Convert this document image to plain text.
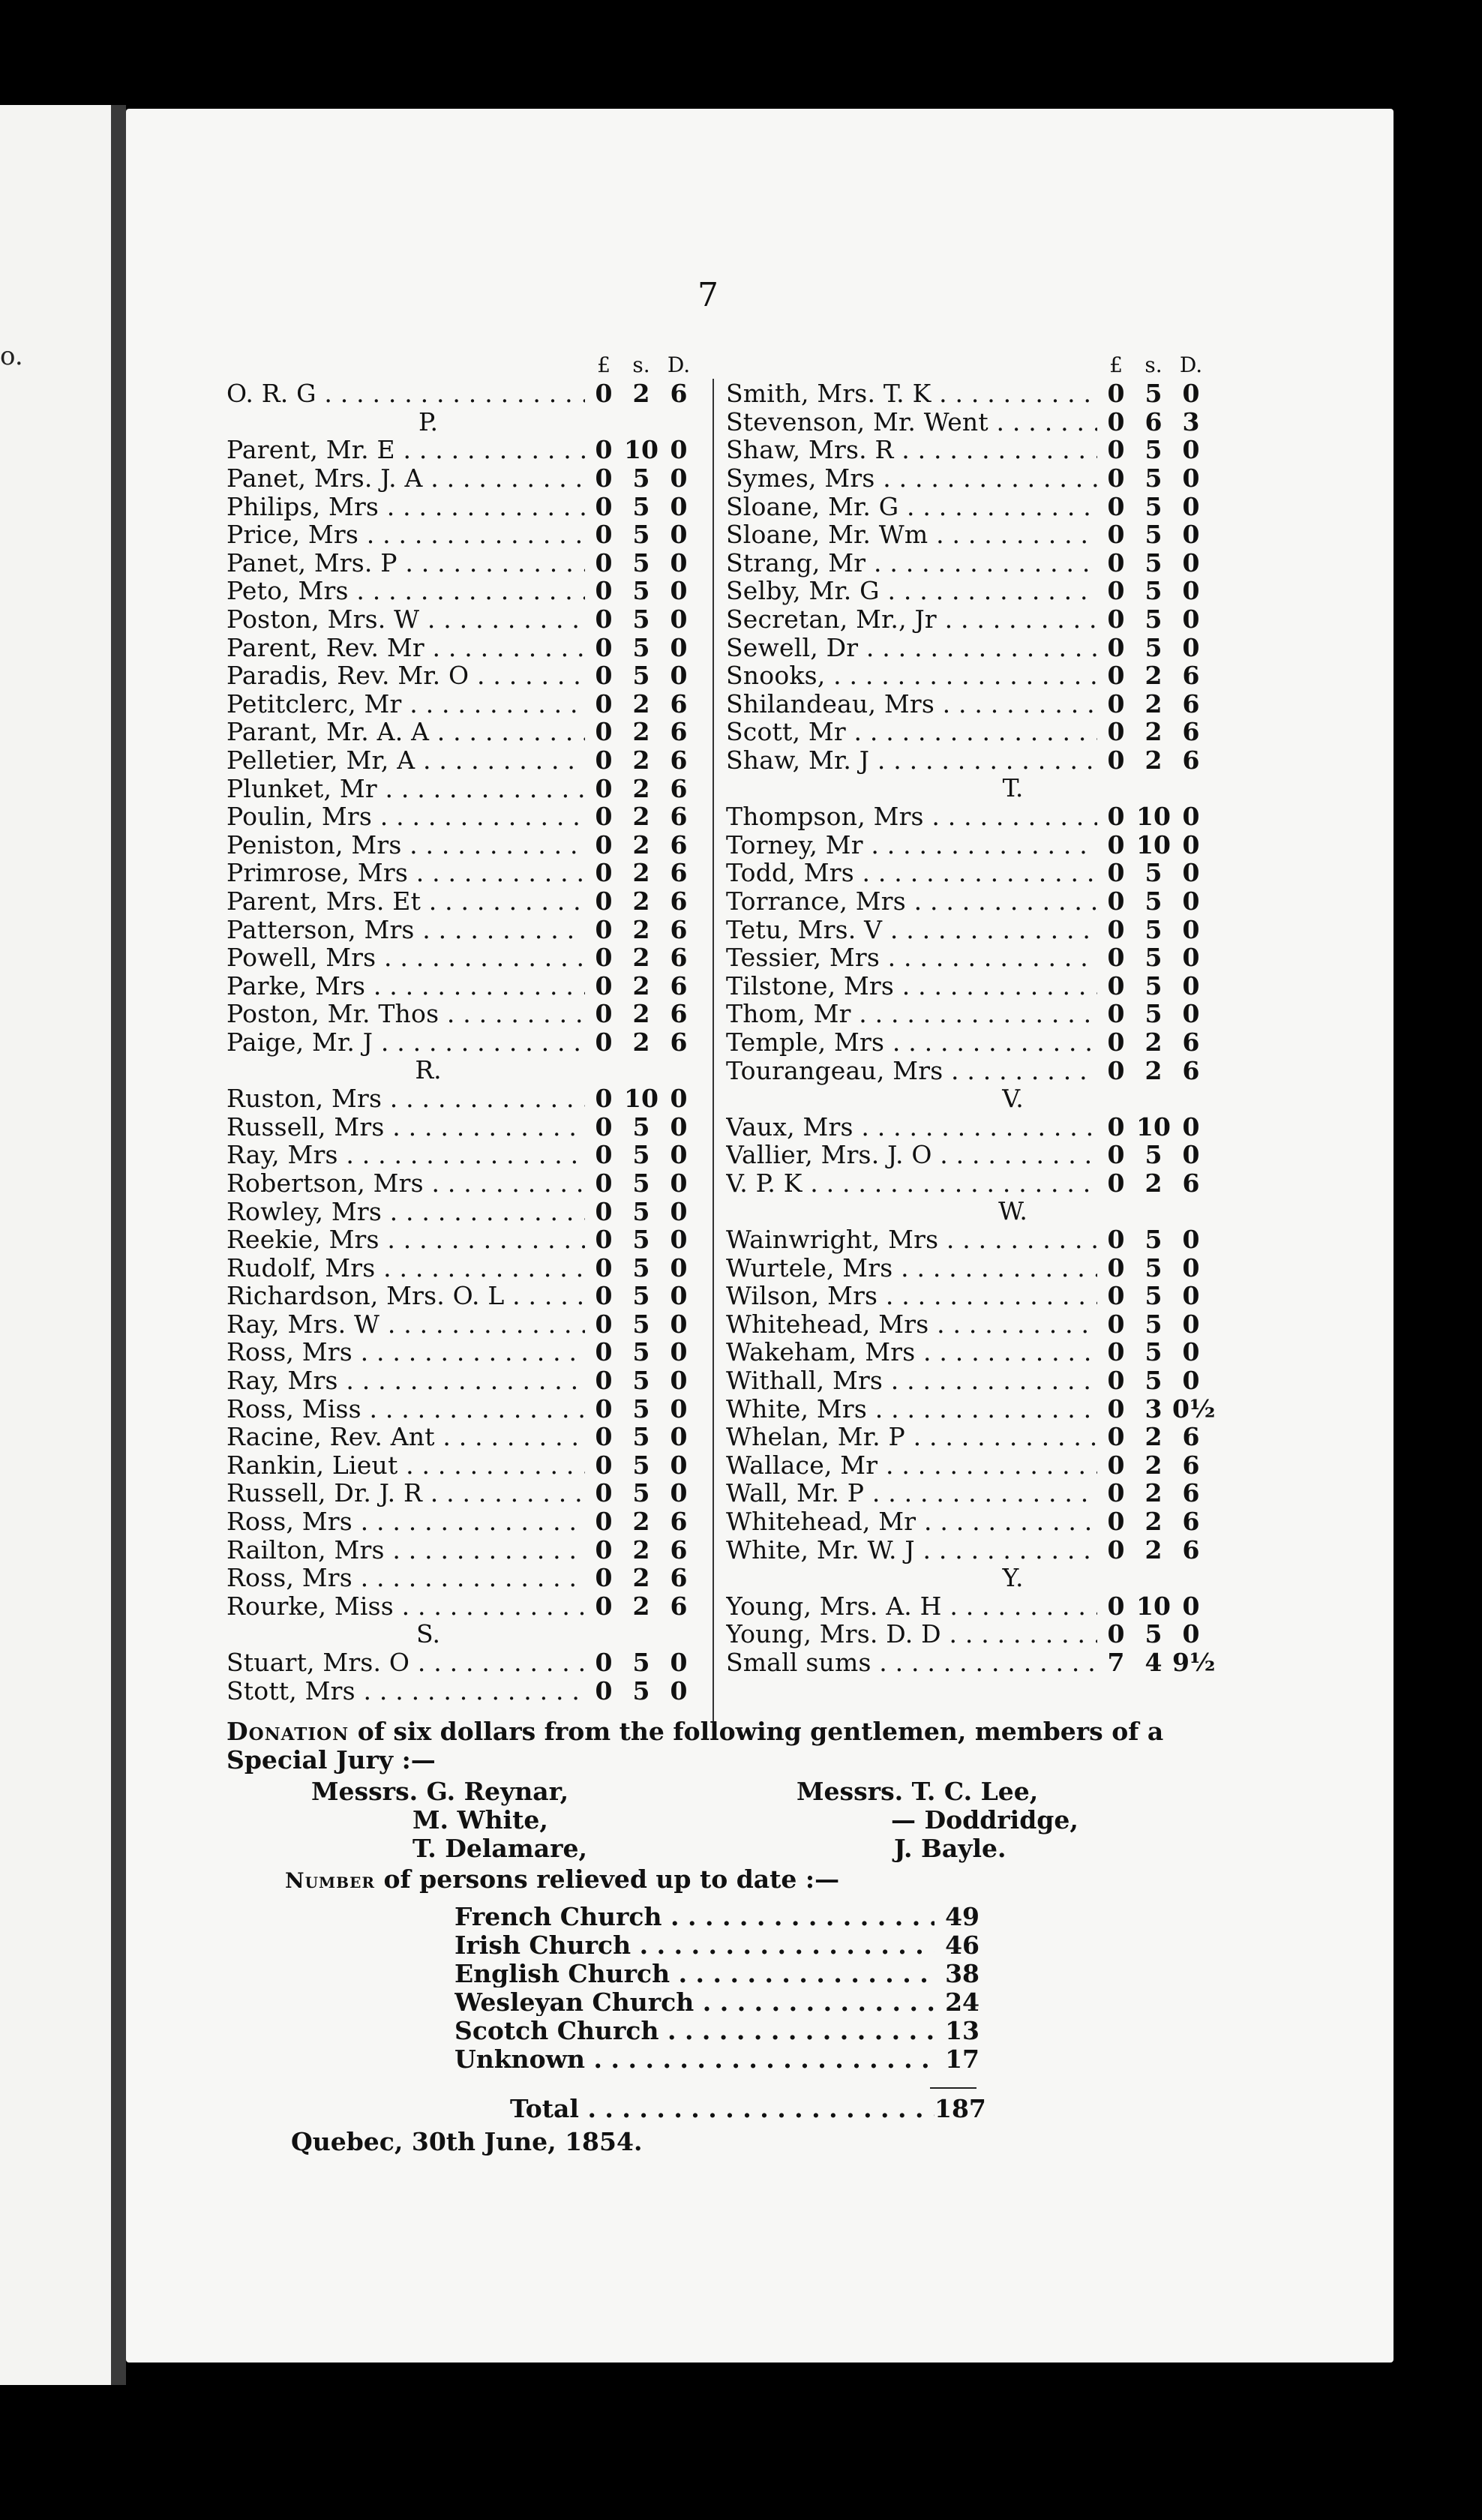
o.
7
£	s. D.
O. R. G . . .	0 2 6
P.
Parent, Mr. E . . .	0 10 0
Panet, Mrs. J. A . . .	0 5 0
Philips, Mrs . . .	0 5 0
Price, Mrs . . .	0 5 0
Panet, Mrs. P . . .	0 5 0
Peto, Mrs . . .	0 5 0
Poston, Mrs. W . . .	0 5 0
Parent, Rev. Mr . . .	0 5 0
Paradis, Rev. Mr. O . . .	0 5 0
Petitclerc, Mr . . .	0 2 6
Parant, Mr. A. A . . .	0 2 6
Pelletier, Mr, A . . .	0 2 6
Plunket, Mr . . .	0 2 6
Poulin, Mrs . . .	0 2 6
Peniston, Mrs . . .	0 2 6
Primrose, Mrs . . .	0 2 6
Parent, Mrs. Et . . .	0 2 6
Patterson, Mrs . . .	0 2 6
Powell, Mrs . . .	0 2 6
Parke, Mrs . . .	0 2 6
Poston, Mr. Thos . . .	0 2 6
Paige, Mr. J . . .	0 2 6
R.
Ruston, Mrs . . .	0 10 0
Russell, Mrs . . .	0 5 0
Ray, Mrs . . .	0 5 0
Robertson, Mrs . . .	0 5 0
Rowley, Mrs . . .	0 5 0
Reekie, Mrs . . .	0 5 0
Rudolf, Mrs . . .	0 5 0
Richardson, Mrs. O. L . . .	0 5 0
Ray, Mrs. W . . .	0 5 0
Ross, Mrs . . .	0 5 0
Ray, Mrs . . .	0 5 0
Ross, Miss . . .	0 5 0
Racine, Rev. Ant . . .	0 5 0
Rankin, Lieut . . .	0 5 0
Russell, Dr. J. R . . .	0 5 0
Ross, Mrs . . .	0 2 6
Railton, Mrs . . .	0 2 6
Ross, Mrs . . .	0 2 6
Rourke, Miss . . .	0 2 6
S.
Stuart, Mrs. O . . .	0 5 0
Stott, Mrs . . .	0 5 0
£	s. D.
Smith, Mrs. T. K . . .	0 5 0
Stevenson, Mr. Went . . .	0 6 3
Shaw, Mrs. R . . .	0 5 0
Symes, Mrs . . .	0 5 0
Sloane, Mr. G . . .	0 5 0
Sloane, Mr. Wm . . .	0 5 0
Strang, Mr . . .	0 5 0
Selby, Mr. G . . .	0 5 0
Secretan, Mr., Jr . . .	0 5 0
Sewell, Dr . . .	0 5 0
Snooks, . . .	0 2 6
Shilandeau, Mrs . . .	0 2 6
Scott, Mr . . .	0 2 6
Shaw, Mr. J . . .	0 2 6
T.
Thompson, Mrs . . .	0 10 0
Torney, Mr . . .	0 10 0
Todd, Mrs . . .	0 5 0
Torrance, Mrs . . .	0 5 0
Tetu, Mrs. V . . .	0 5 0
Tessier, Mrs . . .	0 5 0
Tilstone, Mrs . . .	0 5 0
Thom, Mr . . .	0 5 0
Temple, Mrs . . .	0 2 6
Tourangeau, Mrs . . .	0 2 6
V.
Vaux, Mrs . . .	0 10 0
Vallier, Mrs. J. O . . .	0 5 0
V. P. K . . .	0 2 6
W.
Wainwright, Mrs . . .	0 5 0
Wurtele, Mrs . . .	0 5 0
Wilson, Mrs . . .	0 5 0
Whitehead, Mrs . . .	0 5 0
Wakeham, Mrs . . .	0 5 0
Withall, Mrs . . .	0 5 0
White, Mrs . . .	0 3 0½
Whelan, Mr. P . . .	0 2 6
Wallace, Mr . . .	0 2 6
Wall, Mr. P . . .	0 2 6
Whitehead, Mr . . .	0 2 6
White, Mr. W. J . . .	0 2 6
Y.
Young, Mrs. A. H . . .	0 10 0
Young, Mrs. D. D . . .	0 5 0
Small sums . . .	7 4 9½
Donation of six dollars from the following gentlemen, members of a Special Jury :—
Messrs. G. Reynar,
M. White,
T. Delamare,
Messrs. T. C. Lee,
— Doddridge,
J. Bayle.
Number of persons relieved up to date :—
French Church . . .	49
Irish Church . . .	46
English Church . . .	38
Wesleyan Church . . .	24
Scotch Church . . .	13
Unknown . . .	17
Total . . .	187
Quebec, 30th June, 1854.
